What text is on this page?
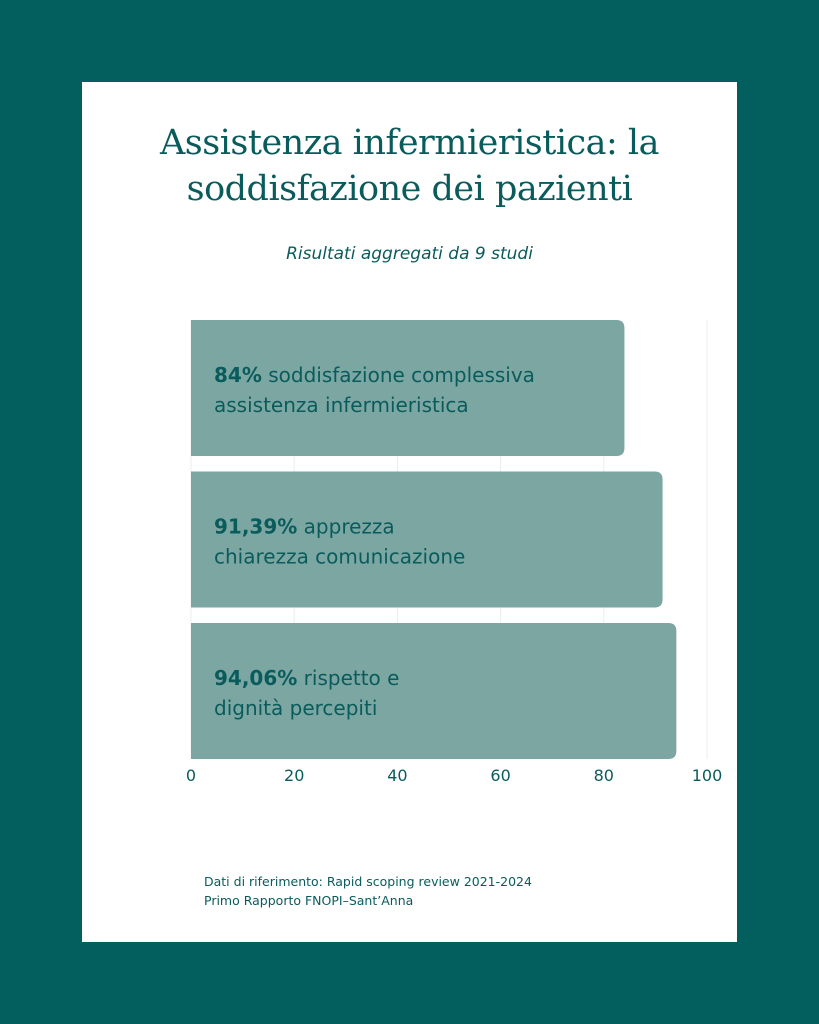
Assistenza infermieristica: la
soddisfazione dei pazienti
Risultati aggregati da 9 studi
84% soddisfazione complessiva
assistenza infermieristica
91,39% apprezza
chiarezza comunicazione
94,06% rispetto e
dignità percepiti
0	20	40	60	80	100
Dati di riferimento: Rapid scoping review 2021-2024
Primo Rapporto FNOPI–Sant’Anna
